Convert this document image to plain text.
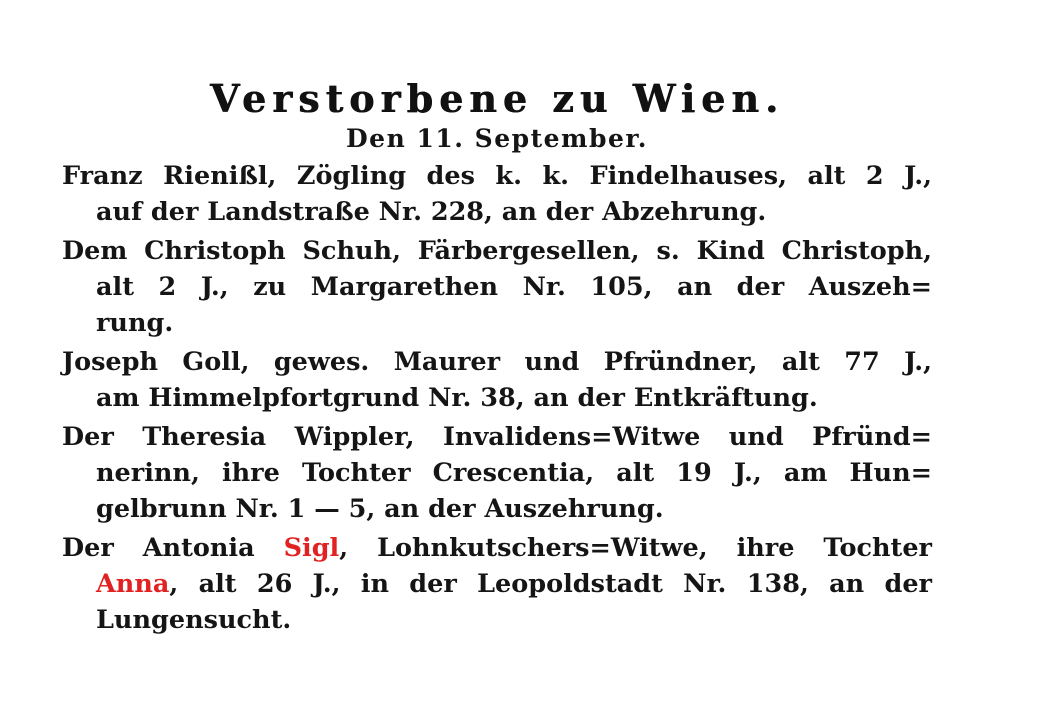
Verstorbene zu Wien.
Den 11. September.
Franz Rienißl, Zögling des k. k. Findelhauses, alt 2 J.,
auf der Landstraße Nr. 228, an der Abzehrung.
Dem Christoph Schuh, Färbergesellen, s. Kind Christoph,
alt 2 J., zu Margarethen Nr. 105, an der Auszeh=
rung.
Joseph Goll, gewes. Maurer und Pfründner, alt 77 J.,
am Himmelpfortgrund Nr. 38, an der Entkräftung.
Der Theresia Wippler, Invalidens=Witwe und Pfründ=
nerinn, ihre Tochter Crescentia, alt 19 J., am Hun=
gelbrunn Nr. 1 — 5, an der Auszehrung.
Der Antonia Sigl, Lohnkutschers=Witwe, ihre Tochter
Anna, alt 26 J., in der Leopoldstadt Nr. 138, an der
Lungensucht.
